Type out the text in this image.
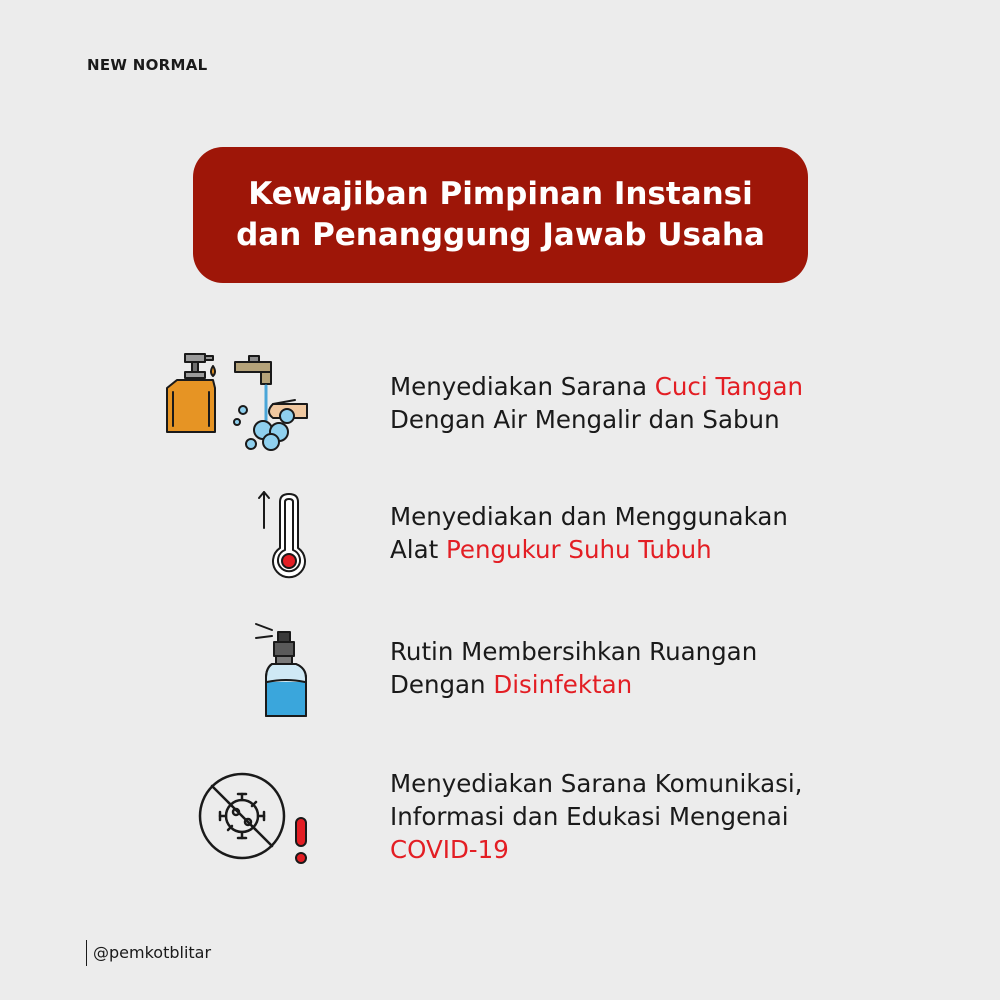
NEW NORMAL
Kewajiban Pimpinan Instansi
dan Penanggung Jawab Usaha
Menyediakan Sarana Cuci Tangan
Dengan Air Mengalir dan Sabun
Menyediakan dan Menggunakan
Alat Pengukur Suhu Tubuh
Rutin Membersihkan Ruangan
Dengan Disinfektan
Menyediakan Sarana Komunikasi,
Informasi dan Edukasi Mengenai
COVID-19
@pemkotblitar
